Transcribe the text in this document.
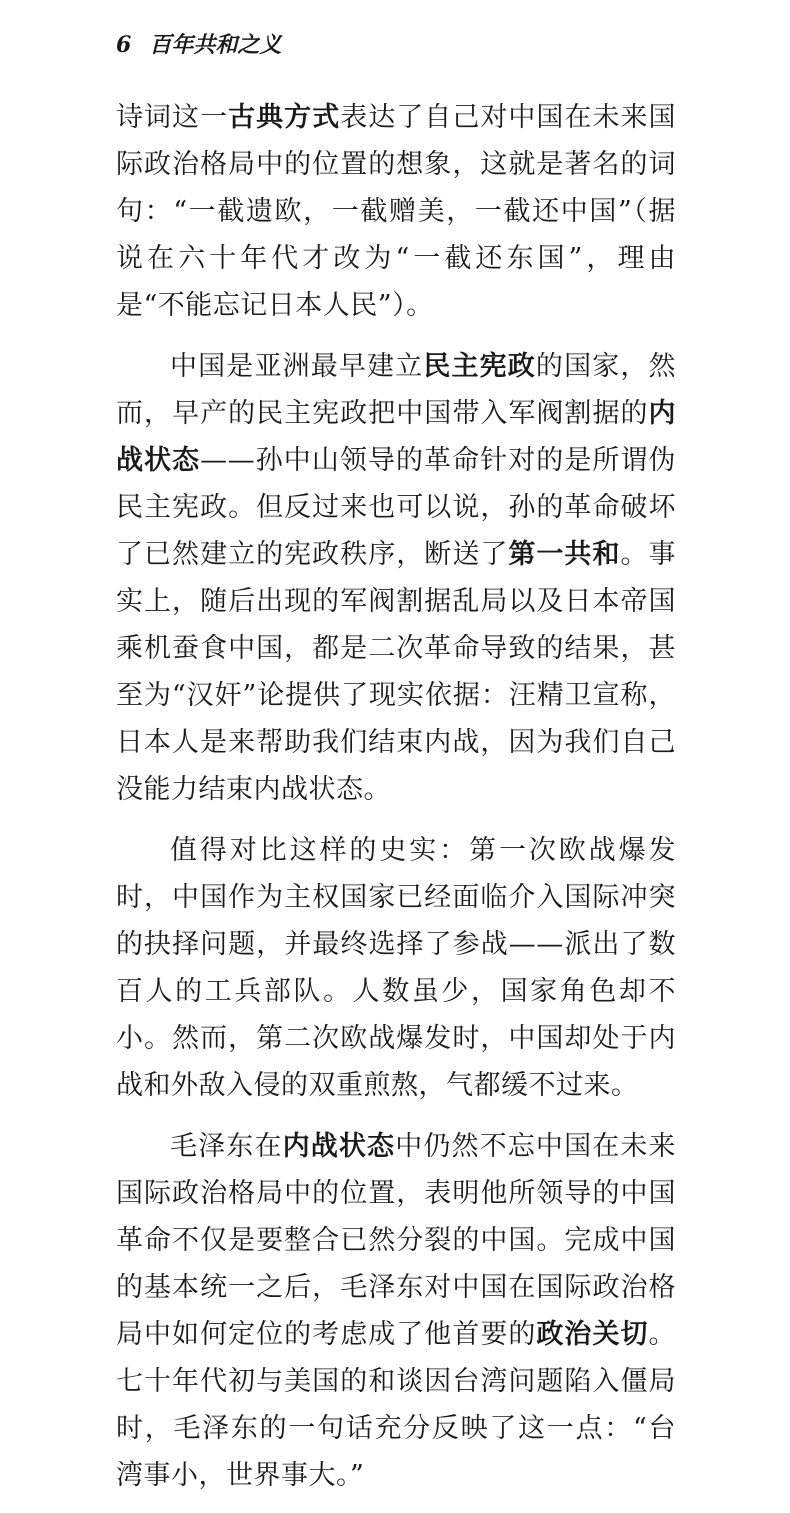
6 百年共和之义

诗词这一古典方式表达了自己对中国在未来国际政治格局中的位置的想象，这就是著名的词句：“一截遗欧，一截赠美，一截还中国”（据说在六十年代才改为“一截还东国”，理由是“不能忘记日本人民”）。

中国是亚洲最早建立民主宪政的国家，然而，早产的民主宪政把中国带入军阀割据的内战状态——孙中山领导的革命针对的是所谓伪民主宪政。但反过来也可以说，孙的革命破坏了已然建立的宪政秩序，断送了第一共和。事实上，随后出现的军阀割据乱局以及日本帝国乘机蚕食中国，都是二次革命导致的结果，甚至为“汉奸”论提供了现实依据：汪精卫宣称，日本人是来帮助我们结束内战，因为我们自己没能力结束内战状态。

值得对比这样的史实：第一次欧战爆发时，中国作为主权国家已经面临介入国际冲突的抉择问题，并最终选择了参战——派出了数百人的工兵部队。人数虽少，国家角色却不小。然而，第二次欧战爆发时，中国却处于内战和外敌入侵的双重煎熬，气都缓不过来。

毛泽东在内战状态中仍然不忘中国在未来国际政治格局中的位置，表明他所领导的中国革命不仅是要整合已然分裂的中国。完成中国的基本统一之后，毛泽东对中国在国际政治格局中如何定位的考虑成了他首要的政治关切。七十年代初与美国的和谈因台湾问题陷入僵局时，毛泽东的一句话充分反映了这一点：“台湾事小，世界事大。”
